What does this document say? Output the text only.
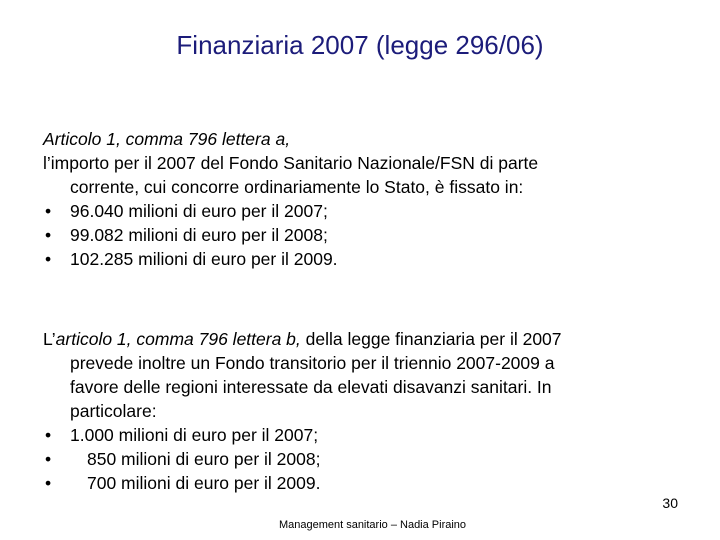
Finanziaria 2007 (legge 296/06)
Articolo 1, comma 796 lettera a,
l’importo per il 2007 del Fondo Sanitario Nazionale/FSN di parte
corrente, cui concorre ordinariamente lo Stato, è fissato in:
• 96.040 milioni di euro per il 2007;
• 99.082 milioni di euro per il 2008;
• 102.285 milioni di euro per il 2009.
L’articolo 1, comma 796 lettera b, della legge finanziaria per il 2007
prevede inoltre un Fondo transitorio per il triennio 2007-2009 a
favore delle regioni interessate da elevati disavanzi sanitari. In
particolare:
• 1.000 milioni di euro per il 2007;
• 850 milioni di euro per il 2008;
• 700 milioni di euro per il 2009.
30
Management sanitario – Nadia Piraino
